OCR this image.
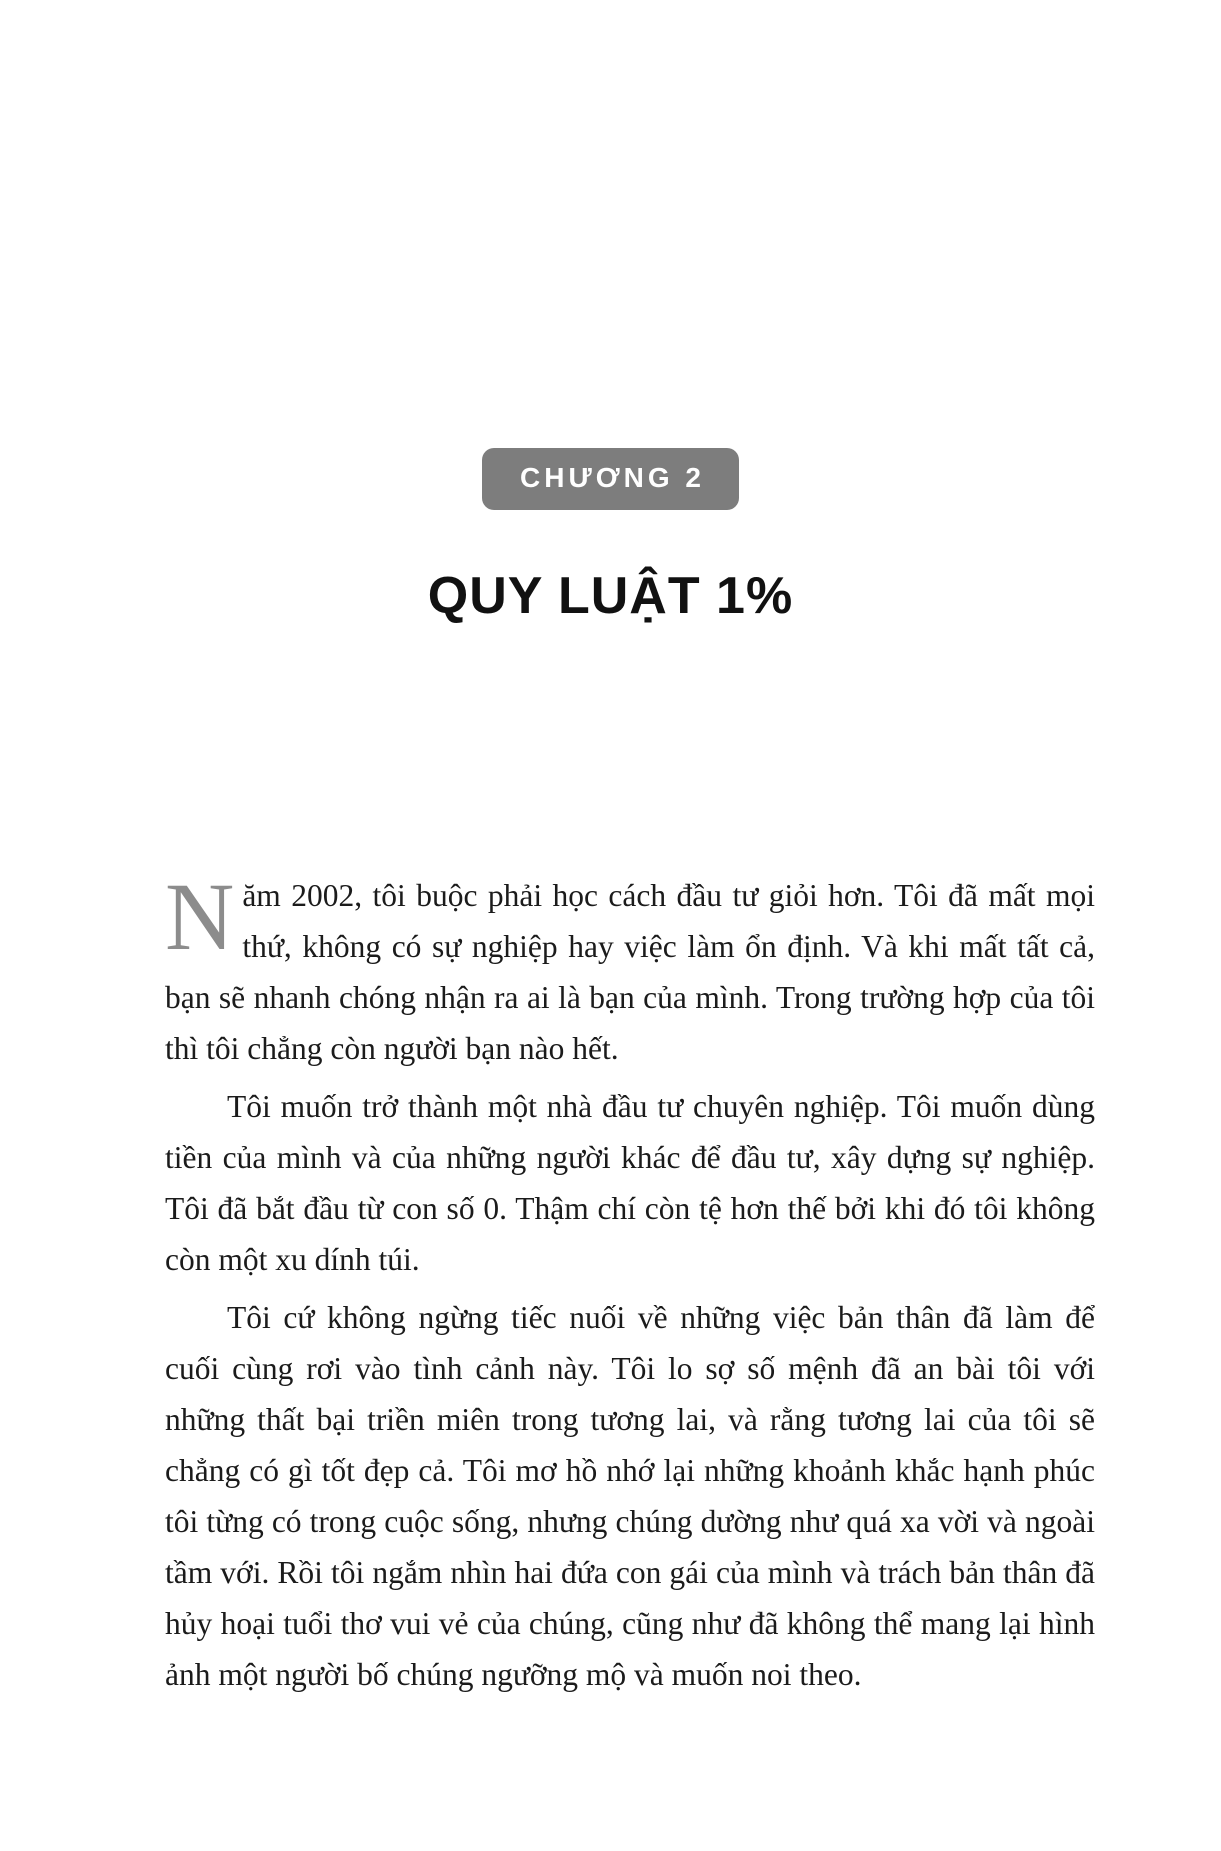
CHƯƠNG 2
QUY LUẬT 1%

Năm 2002, tôi buộc phải học cách đầu tư giỏi hơn. Tôi đã mất mọi thứ, không có sự nghiệp hay việc làm ổn định. Và khi mất tất cả, bạn sẽ nhanh chóng nhận ra ai là bạn của mình. Trong trường hợp của tôi thì tôi chẳng còn người bạn nào hết.

Tôi muốn trở thành một nhà đầu tư chuyên nghiệp. Tôi muốn dùng tiền của mình và của những người khác để đầu tư, xây dựng sự nghiệp. Tôi đã bắt đầu từ con số 0. Thậm chí còn tệ hơn thế bởi khi đó tôi không còn một xu dính túi.

Tôi cứ không ngừng tiếc nuối về những việc bản thân đã làm để cuối cùng rơi vào tình cảnh này. Tôi lo sợ số mệnh đã an bài tôi với những thất bại triền miên trong tương lai, và rằng tương lai của tôi sẽ chẳng có gì tốt đẹp cả. Tôi mơ hồ nhớ lại những khoảnh khắc hạnh phúc tôi từng có trong cuộc sống, nhưng chúng dường như quá xa vời và ngoài tầm với. Rồi tôi ngắm nhìn hai đứa con gái của mình và trách bản thân đã hủy hoại tuổi thơ vui vẻ của chúng, cũng như đã không thể mang lại hình ảnh một người bố chúng ngưỡng mộ và muốn noi theo.
